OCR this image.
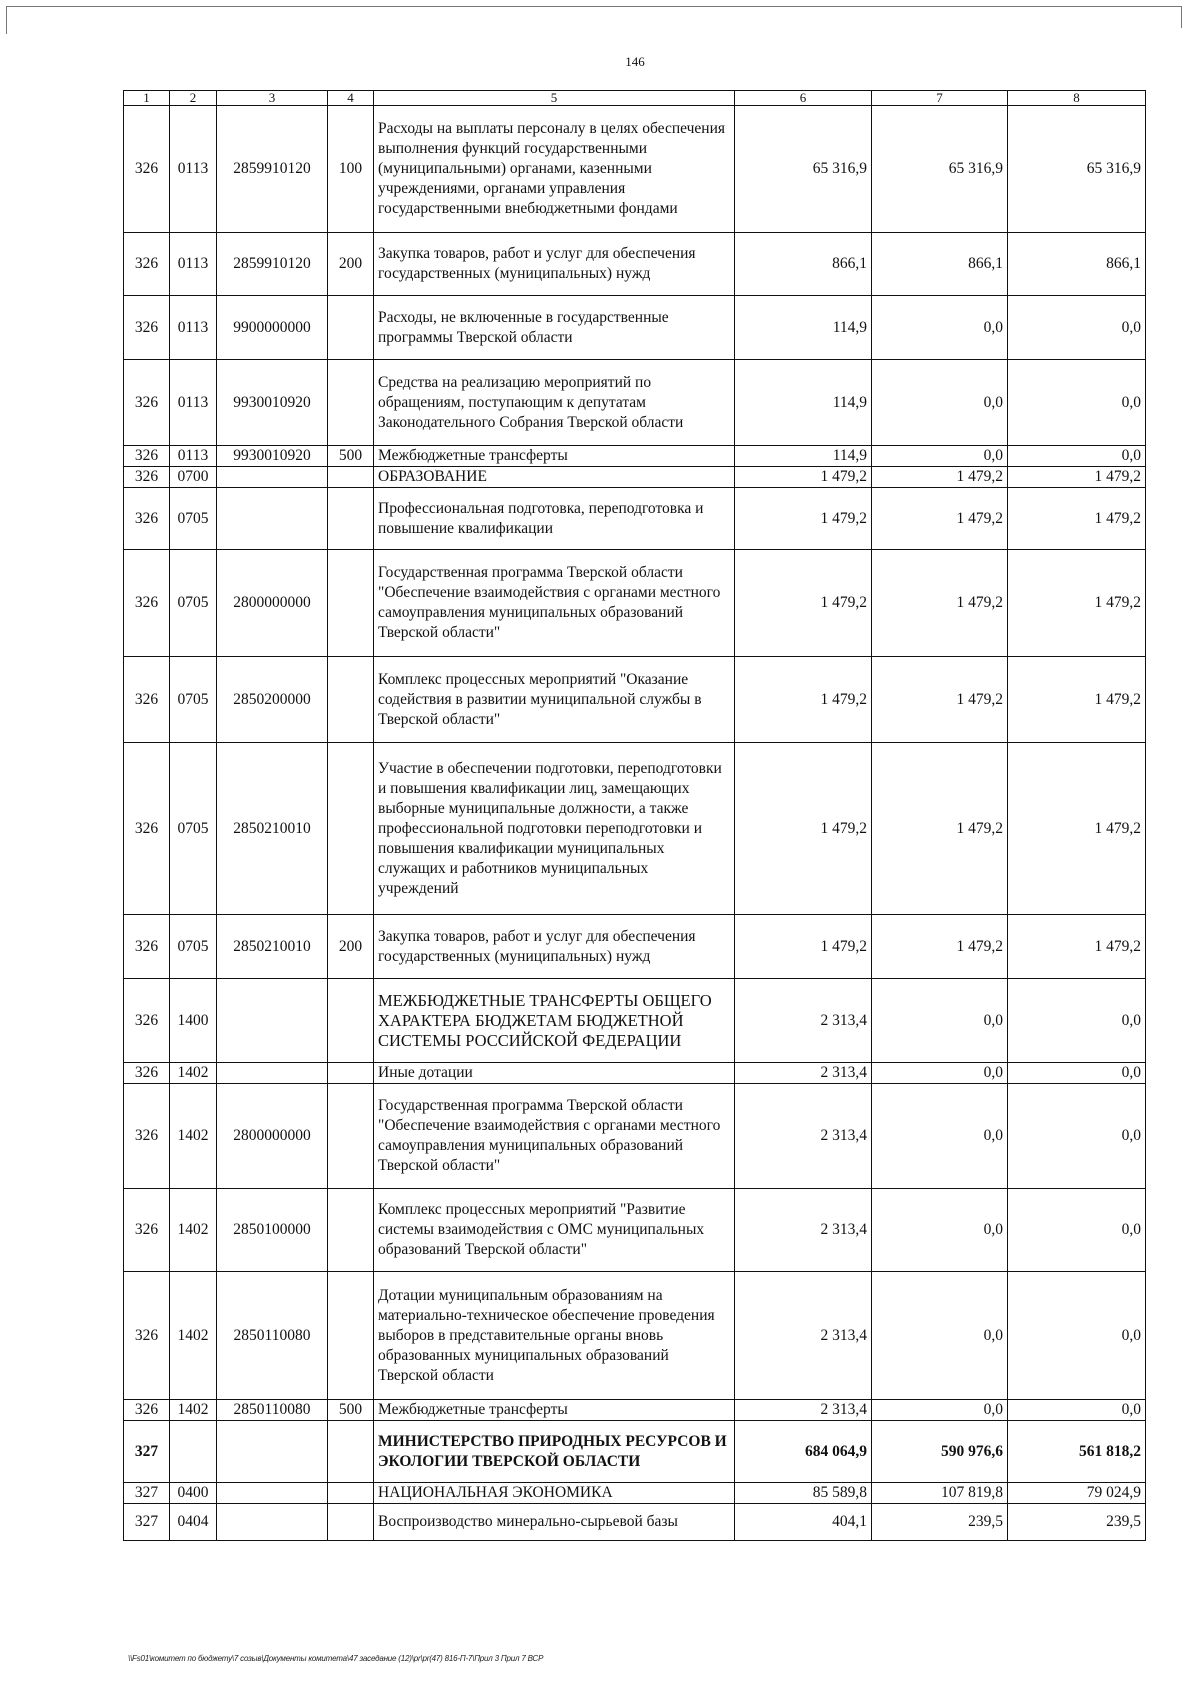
146
1	2	3	4	5	6	7	8
326	0113	2859910120	100	Расходы на выплаты персоналу в целях обеспечения выполнения функций государственными (муниципальными) органами, казенными учреждениями, органами управления государственными внебюджетными фондами	65 316,9	65 316,9	65 316,9
326	0113	2859910120	200	Закупка товаров, работ и услуг для обеспечения государственных (муниципальных) нужд	866,1	866,1	866,1
326	0113	9900000000		Расходы, не включенные в государственные программы Тверской области	114,9	0,0	0,0
326	0113	9930010920		Средства на реализацию мероприятий по обращениям, поступающим к депутатам Законодательного Собрания Тверской области	114,9	0,0	0,0
326	0113	9930010920	500	Межбюджетные трансферты	114,9	0,0	0,0
326	0700			ОБРАЗОВАНИЕ	1 479,2	1 479,2	1 479,2
326	0705			Профессиональная подготовка, переподготовка и повышение квалификации	1 479,2	1 479,2	1 479,2
326	0705	2800000000		Государственная программа Тверской области "Обеспечение взаимодействия с органами местного самоуправления муниципальных образований Тверской области"	1 479,2	1 479,2	1 479,2
326	0705	2850200000		Комплекс процессных мероприятий "Оказание содействия в развитии муниципальной службы в Тверской области"	1 479,2	1 479,2	1 479,2
326	0705	2850210010		Участие в обеспечении подготовки, переподготовки и повышения квалификации лиц, замещающих выборные муниципальные должности, а также профессиональной подготовки переподготовки и повышения квалификации муниципальных служащих и работников муниципальных учреждений	1 479,2	1 479,2	1 479,2
326	0705	2850210010	200	Закупка товаров, работ и услуг для обеспечения государственных (муниципальных) нужд	1 479,2	1 479,2	1 479,2
326	1400			МЕЖБЮДЖЕТНЫЕ ТРАНСФЕРТЫ ОБЩЕГО ХАРАКТЕРА БЮДЖЕТАМ БЮДЖЕТНОЙ СИСТЕМЫ РОССИЙСКОЙ ФЕДЕРАЦИИ	2 313,4	0,0	0,0
326	1402			Иные дотации	2 313,4	0,0	0,0
326	1402	2800000000		Государственная программа Тверской области "Обеспечение взаимодействия с органами местного самоуправления муниципальных образований Тверской области"	2 313,4	0,0	0,0
326	1402	2850100000		Комплекс процессных мероприятий "Развитие системы взаимодействия с ОМС муниципальных образований Тверской области"	2 313,4	0,0	0,0
326	1402	2850110080		Дотации муниципальным образованиям на материально-техническое обеспечение проведения выборов в представительные органы вновь образованных муниципальных образований Тверской области	2 313,4	0,0	0,0
326	1402	2850110080	500	Межбюджетные трансферты	2 313,4	0,0	0,0
327				МИНИСТЕРСТВО ПРИРОДНЫХ РЕСУРСОВ И ЭКОЛОГИИ ТВЕРСКОЙ ОБЛАСТИ	684 064,9	590 976,6	561 818,2
327	0400			НАЦИОНАЛЬНАЯ ЭКОНОМИКА	85 589,8	107 819,8	79 024,9
327	0404			Воспроизводство минерально-сырьевой базы	404,1	239,5	239,5
\\Fs01\комитет по бюджету\7 созыв\Документы комитета\47 заседание (12)\pr\pr(47) 816-П-7\Прил 3 Прил 7 ВСР
